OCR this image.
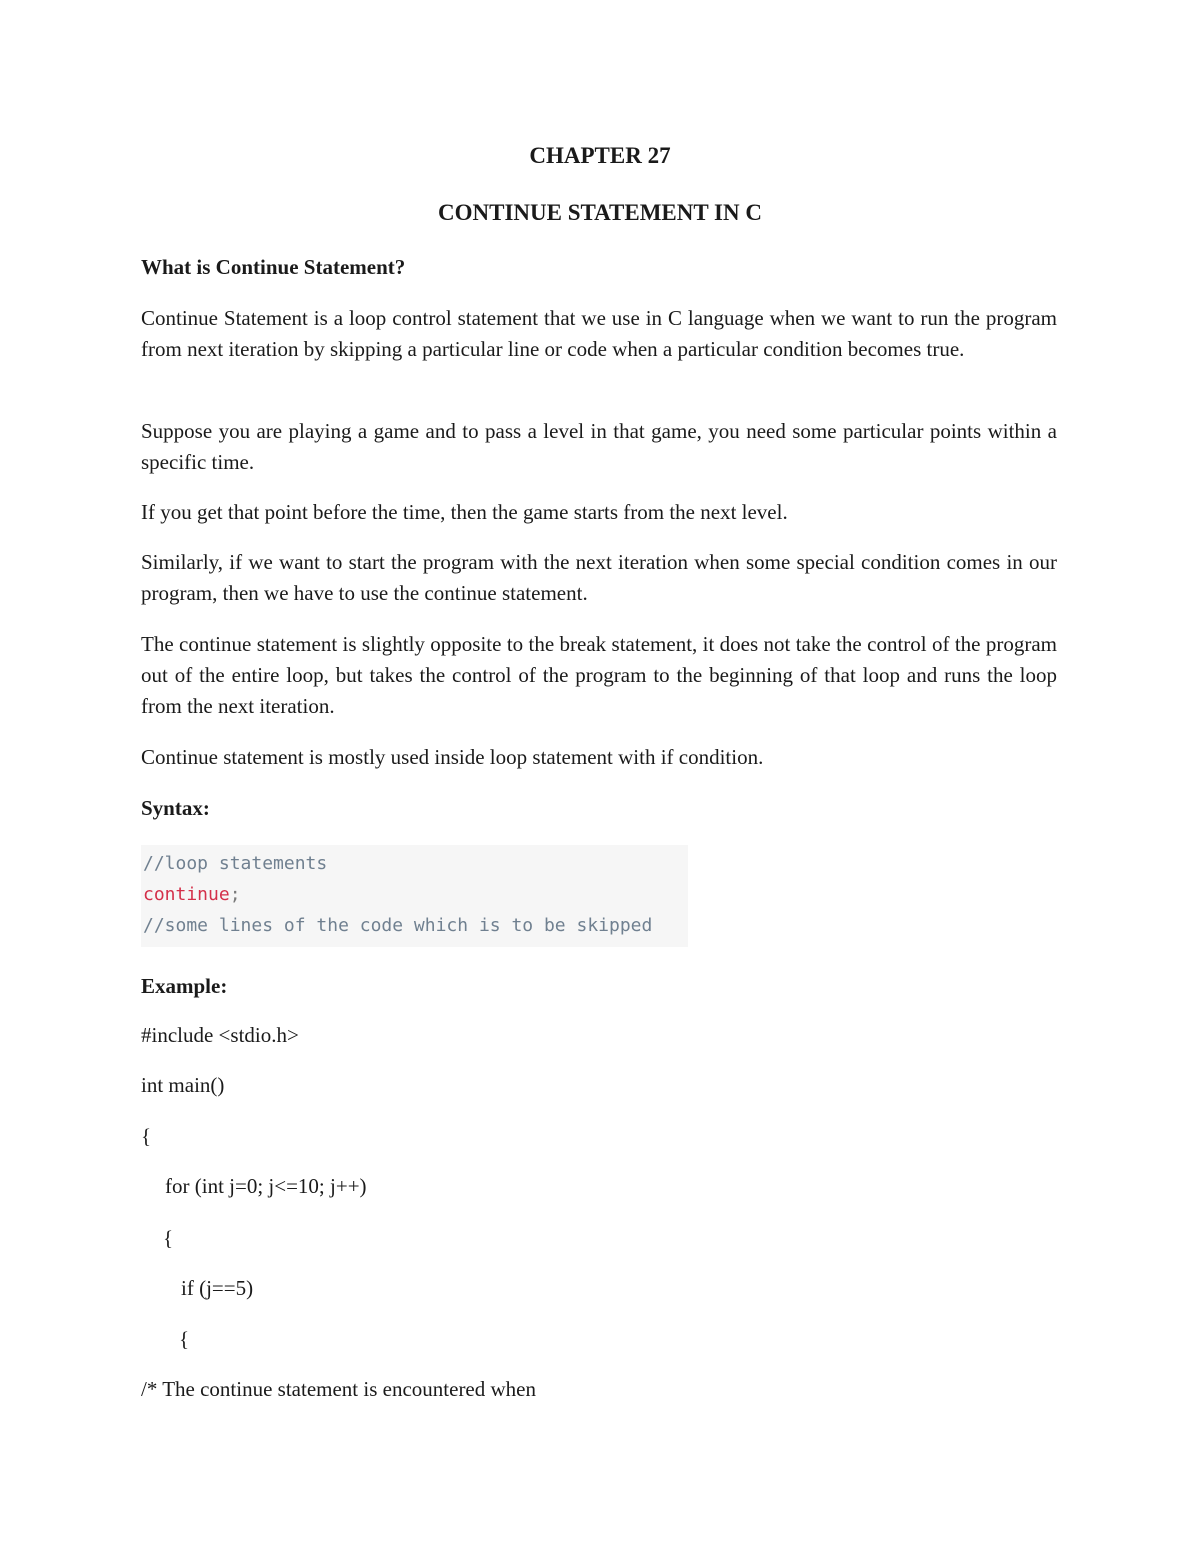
CHAPTER 27
CONTINUE STATEMENT IN C

What is Continue Statement?

Continue Statement is a loop control statement that we use in C language when we want to run the program from next iteration by skipping a particular line or code when a particular condition becomes true.

Suppose you are playing a game and to pass a level in that game, you need some particular points within a specific time.

If you get that point before the time, then the game starts from the next level.

Similarly, if we want to start the program with the next iteration when some special condition comes in our program, then we have to use the continue statement.

The continue statement is slightly opposite to the break statement, it does not take the control of the program out of the entire loop, but takes the control of the program to the beginning of that loop and runs the loop from the next iteration.

Continue statement is mostly used inside loop statement with if condition.

Syntax:

//loop statements

continue;

//some lines of the code which is to be skipped

Example:

#include <stdio.h>

int main()

{

for (int j=0; j<=10; j++)

{

if (j==5)

{

/* The continue statement is encountered when
